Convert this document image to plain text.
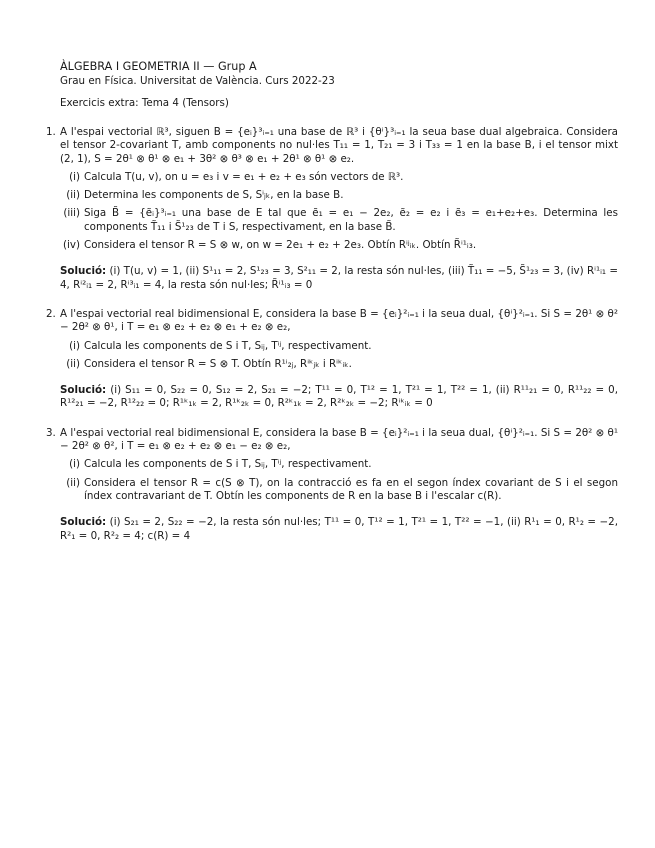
ÀLGEBRA I GEOMETRIA II — Grup A
Grau en Física. Universitat de València. Curs 2022-23
Exercicis extra: Tema 4 (Tensors)
1. A l'espai vectorial ℝ³, siguen B = {eᵢ}³ᵢ₌₁ una base de ℝ³ i {θⁱ}³ᵢ₌₁ la seua base dual algebraica. Considera el tensor 2-covariant T, amb components no nul·les T₁₁ = 1, T₂₁ = 3 i T₃₃ = 1 en la base B, i el tensor mixt (2, 1), S = 2θ¹ ⊗ θ¹ ⊗ e₁ + 3θ² ⊗ θ³ ⊗ e₁ + 2θ¹ ⊗ θ¹ ⊗ e₂.
(i) Calcula T(u, v), on u = e₃ i v = e₁ + e₂ + e₃ són vectors de ℝ³.
(ii) Determina les components de S, Sⁱⱼₖ, en la base B.
(iii) Siga B̃ = {ẽᵢ}³ᵢ₌₁ una base de E tal que ẽ₁ = e₁ − 2e₂, ẽ₂ = e₂ i ẽ₃ = e₁+e₂+e₃. Determina les components T̃₁₁ i S̃¹₂₃ de T i S, respectivament, en la base B̃.
(iv) Considera el tensor R = S ⊗ w, on w = 2e₁ + e₂ + 2e₃. Obtín Rⁱʲᵢₖ. Obtín R̃ⁱ¹ᵢ₃.
Solució: (i) T(u, v) = 1, (ii) S¹₁₁ = 2, S¹₂₃ = 3, S²₁₁ = 2, la resta són nul·les, (iii) T̃₁₁ = −5, S̃¹₂₃ = 3, (iv) Rⁱ¹ᵢ₁ = 4, Rⁱ²ᵢ₁ = 2, Rⁱ³ᵢ₁ = 4, la resta són nul·les; R̃ⁱ¹ᵢ₃ = 0
2. A l'espai vectorial real bidimensional E, considera la base B = {eᵢ}²ᵢ₌₁ i la seua dual, {θⁱ}²ᵢ₌₁. Si S = 2θ¹ ⊗ θ² − 2θ² ⊗ θ¹, i T = e₁ ⊗ e₂ + e₂ ⊗ e₁ + e₂ ⊗ e₂,
(i) Calcula les components de S i T, Sᵢⱼ, Tⁱʲ, respectivament.
(ii) Considera el tensor R = S ⊗ T. Obtín R¹ⁱ₂ⱼ, Rⁱᵏⱼₖ i Rⁱᵏᵢₖ.
Solució: (i) S₁₁ = 0, S₂₂ = 0, S₁₂ = 2, S₂₁ = −2; T¹¹ = 0, T¹² = 1, T²¹ = 1, T²² = 1, (ii) R¹¹₂₁ = 0, R¹¹₂₂ = 0, R¹²₂₁ = −2, R¹²₂₂ = 0; R¹ᵏ₁ₖ = 2, R¹ᵏ₂ₖ = 0, R²ᵏ₁ₖ = 2, R²ᵏ₂ₖ = −2; Rⁱᵏᵢₖ = 0
3. A l'espai vectorial real bidimensional E, considera la base B = {eᵢ}²ᵢ₌₁ i la seua dual, {θⁱ}²ᵢ₌₁. Si S = 2θ² ⊗ θ¹ − 2θ² ⊗ θ², i T = e₁ ⊗ e₂ + e₂ ⊗ e₁ − e₂ ⊗ e₂,
(i) Calcula les components de S i T, Sᵢⱼ, Tⁱʲ, respectivament.
(ii) Considera el tensor R = c(S ⊗ T), on la contracció es fa en el segon índex covariant de S i el segon índex contravariant de T. Obtín les components de R en la base B i l'escalar c(R).
Solució: (i) S₂₁ = 2, S₂₂ = −2, la resta són nul·les; T¹¹ = 0, T¹² = 1, T²¹ = 1, T²² = −1, (ii) R¹₁ = 0, R¹₂ = −2, R²₁ = 0, R²₂ = 4; c(R) = 4
